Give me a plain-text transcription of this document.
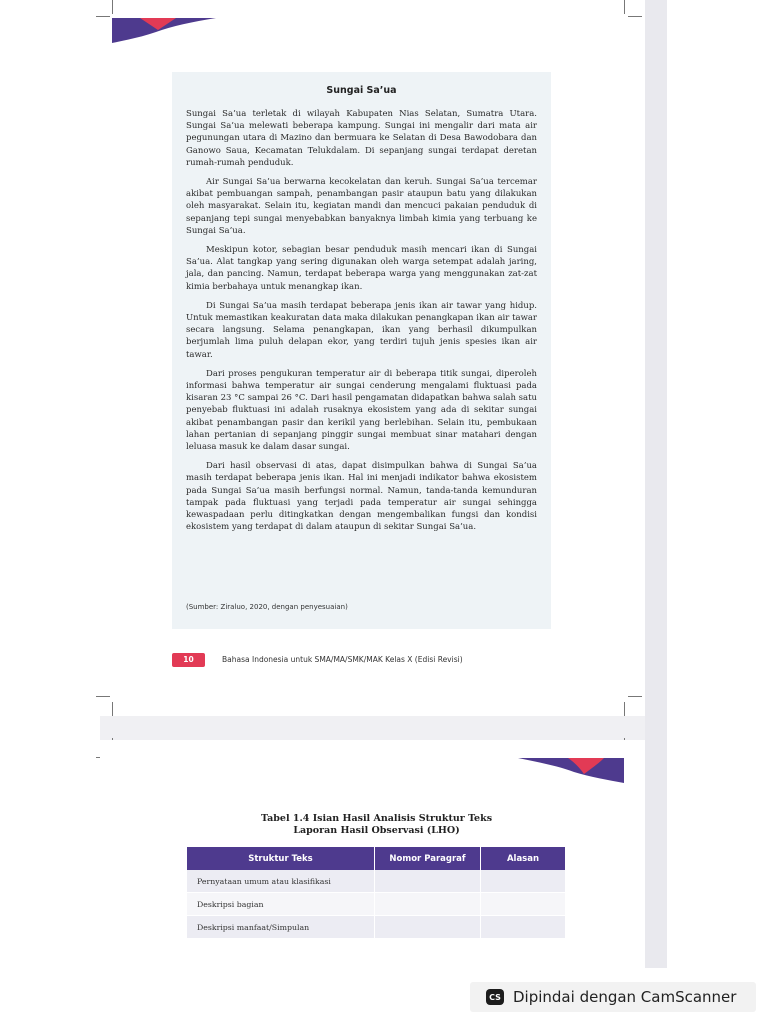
Sungai Sa’ua

Sungai Sa’ua terletak di wilayah Kabupaten Nias Selatan, Sumatra Utara. Sungai Sa’ua melewati beberapa kampung. Sungai ini mengalir dari mata air pegunungan utara di Mazino dan bermuara ke Selatan di Desa Bawodobara dan Ganowo Saua, Kecamatan Telukdalam. Di sepanjang sungai terdapat deretan rumah-rumah penduduk.

Air Sungai Sa’ua berwarna kecokelatan dan keruh. Sungai Sa’ua tercemar akibat pembuangan sampah, penambangan pasir ataupun batu yang dilakukan oleh masyarakat. Selain itu, kegiatan mandi dan mencuci pakaian penduduk di sepanjang tepi sungai menyebabkan banyaknya limbah kimia yang terbuang ke Sungai Sa’ua.

Meskipun kotor, sebagian besar penduduk masih mencari ikan di Sungai Sa’ua. Alat tangkap yang sering digunakan oleh warga setempat adalah jaring, jala, dan pancing. Namun, terdapat beberapa warga yang menggunakan zat-zat kimia berbahaya untuk menangkap ikan.

Di Sungai Sa’ua masih terdapat beberapa jenis ikan air tawar yang hidup. Untuk memastikan keakuratan data maka dilakukan penangkapan ikan air tawar secara langsung. Selama penangkapan, ikan yang berhasil dikumpulkan berjumlah lima puluh delapan ekor, yang terdiri tujuh jenis spesies ikan air tawar.

Dari proses pengukuran temperatur air di beberapa titik sungai, diperoleh informasi bahwa temperatur air sungai cenderung mengalami fluktuasi pada kisaran 23 °C sampai 26 °C. Dari hasil pengamatan didapatkan bahwa salah satu penyebab fluktuasi ini adalah rusaknya ekosistem yang ada di sekitar sungai akibat penambangan pasir dan kerikil yang berlebihan. Selain itu, pembukaan lahan pertanian di sepanjang pinggir sungai membuat sinar matahari dengan leluasa masuk ke dalam dasar sungai.

Dari hasil observasi di atas, dapat disimpulkan bahwa di Sungai Sa’ua masih terdapat beberapa jenis ikan. Hal ini menjadi indikator bahwa ekosistem pada Sungai Sa’ua masih berfungsi normal. Namun, tanda-tanda kemunduran tampak pada fluktuasi yang terjadi pada temperatur air sungai sehingga kewaspadaan perlu ditingkatkan dengan mengembalikan fungsi dan kondisi ekosistem yang terdapat di dalam ataupun di sekitar Sungai Sa’ua.

(Sumber: Ziraluo, 2020, dengan penyesuaian)
10	Bahasa Indonesia untuk SMA/MA/SMK/MAK Kelas X (Edisi Revisi)
Tabel 1.4 Isian Hasil Analisis Struktur Teks
Laporan Hasil Observasi (LHO)
Struktur Teks	Nomor Paragraf	Alasan
Pernyataan umum atau klasifikasi		
Deskripsi bagian		
Deskripsi manfaat/Simpulan		
CS Dipindai dengan CamScanner
